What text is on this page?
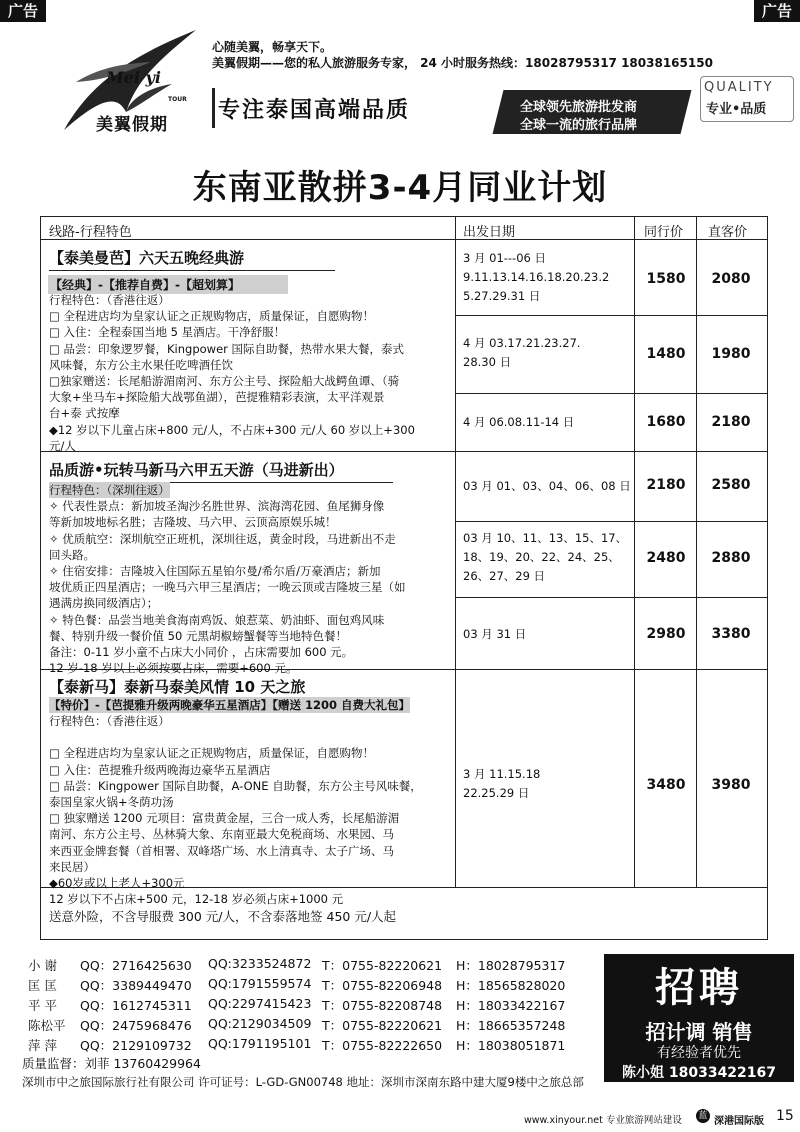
广告	广告
Mei yi
TOUR
美翼假期
心随美翼，畅享天下。
美翼假期——您的私人旅游服务专家， 24 小时服务热线：18028795317 18038165150
专注泰国高端品质	全球领先旅游批发商
全球一流的旅行品牌
QUALITY
专业•品质
东南亚散拼3-4月同业计划
线路-行程特色	出发日期	同行价 直客价
【泰美曼芭】六天五晚经典游
【经典】-【推荐自费】-【超划算】
行程特色：（香港往返）
□ 全程进店均为皇家认证之正规购物店，质量保证，自愿购物！
□ 入住：全程泰国当地 5 星酒店。干净舒服！
□ 品尝：印象逻罗餐，Kingpower 国际自助餐，热带水果大餐，泰式
风味餐，东方公主水果任吃啤酒任饮
□独家赠送：长尾船游湄南河、东方公主号、探险船大战鳄鱼谭、（骑
大象+坐马车+探险船大战鄂鱼湖），芭提雅精彩表演，太平洋观景
台+泰 式按摩
◆12 岁以下儿童占床+800 元/人，不占床+300 元/人 60 岁以上+300
元/人
3 月 01---06 日
9.11.13.14.16.18.20.23.2
5.27.29.31 日
1580	2080
4 月 03.17.21.23.27.
28.30 日	1480	1980
4 月 06.08.11-14 日	1680	2180
品质游•玩转马新马六甲五天游（马进新出）
行程特色：（深圳往返）
✧ 代表性景点：新加坡圣淘沙名胜世界、滨海湾花园、鱼尾狮身像
等新加坡地标名胜；吉隆坡、马六甲、云顶高原娱乐城！
✧ 优质航空：深圳航空正班机，深圳往返，黄金时段，马进新出不走
回头路。
✧ 住宿安排：吉隆坡入住国际五星铂尔曼/希尔盾/万豪酒店；新加
坡优质正四星酒店；一晚马六甲三星酒店；一晚云顶或吉隆坡三星（如
遇满房换同级酒店）；
✧ 特色餐：品尝当地美食海南鸡饭、娘惹菜、奶油虾、面包鸡风味
餐、特别升级一餐价值 50 元黑胡椒螃蟹餐等当地特色餐！
备注：0-11 岁小童不占床大小同价 ，占床需要加 600 元。
12 岁-18 岁以上必须按要占床，需要+600 元。
03 月 01、03、04、06、08 日	2180	2580
03 月 10、11、13、15、17、
18、19、20、22、24、25、
26、27、29 日
2480	2880
03 月 31 日	2980	3380
【泰新马】泰新马泰美风情 10 天之旅
【特价】-【芭提雅升级两晚豪华五星酒店】【赠送 1200 自费大礼包】
行程特色：（香港往返）
□ 全程进店均为皇家认证之正规购物店，质量保证，自愿购物！
□ 入住：芭提雅升级两晚海边豪华五星酒店
□ 品尝：Kingpower 国际自助餐，A-ONE 自助餐，东方公主号风味餐，
泰国皇家火锅+冬荫功汤
□ 独家赠送 1200 元项目：富贵黄金屋，三合一成人秀，长尾船游湄
南河、东方公主号、丛林骑大象、东南亚最大免税商场、水果园、马
来西亚金牌套餐（首相署、双峰塔广场、水上清真寺、太子广场、马
来民居）
◆60岁或以上老人+300元
12 岁以下不占床+500 元，12-18 岁必须占床+1000 元
3 月 11.15.18
22.25.29 日	3480	3980
送意外险，不含导服费 300 元/人，不含泰落地签 450 元/人起
小 谢 QQ：2716425630 QQ:3233524872 T：0755-82220621 H：18028795317
匡 匡 QQ：3389449470 QQ:1791559574 T：0755-82206948 H：18565828020
平 平 QQ：1612745311 QQ:2297415423 T：0755-82208748 H：18033422167
陈松平 QQ：2475968476 QQ:2129034509 T：0755-82220621 H：18665357248
萍 萍 QQ：2129109732 QQ:1791195101 T：0755-82222650 H：18038051871
质量监督：刘菲 13760429964
深圳市中之旅国际旅行社有限公司 许可证号：L-GD-GN00748 地址：深圳市深南东路中建大厦9楼中之旅总部
招聘
招计调 销售
有经验者优先
陈小姐 18033422167
www.xinyour.net 专业旅游网站建设 蓝 深港国际版 15
